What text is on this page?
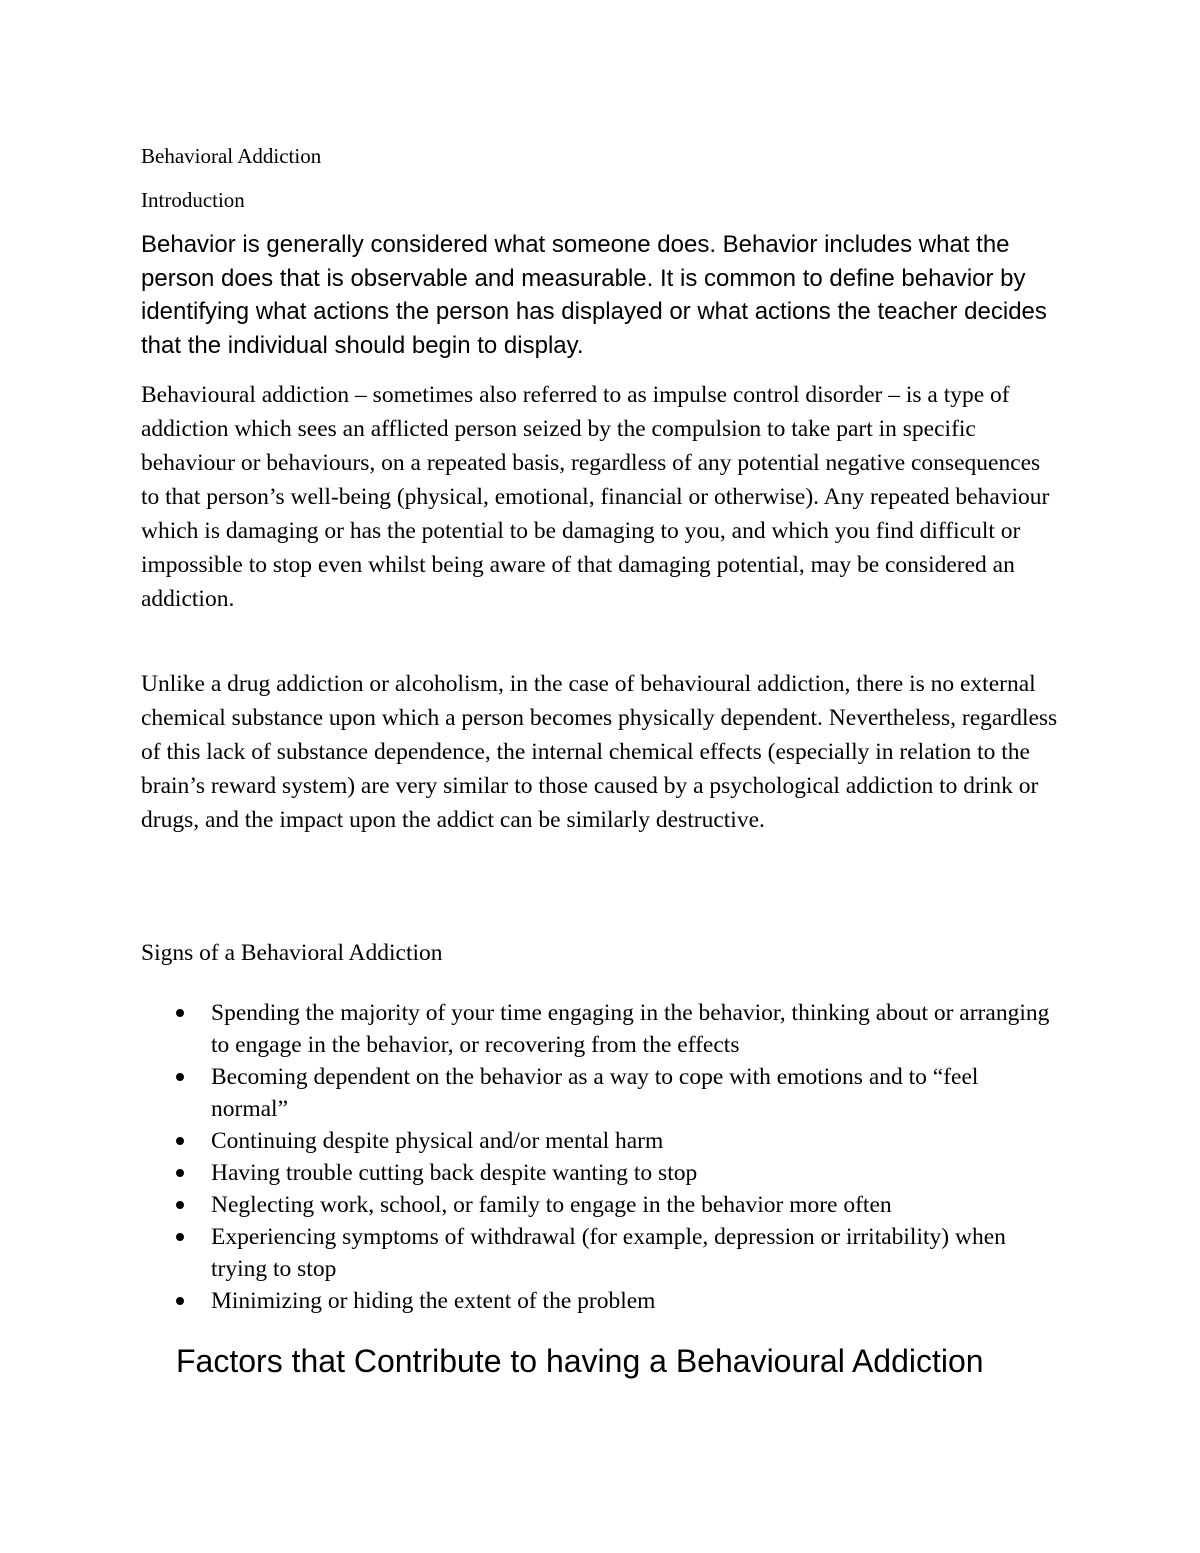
Behavioral Addiction
Introduction

Behavior is generally considered what someone does. Behavior includes what the person does that is observable and measurable. It is common to define behavior by identifying what actions the person has displayed or what actions the teacher decides that the individual should begin to display.

Behavioural addiction – sometimes also referred to as impulse control disorder – is a type of addiction which sees an afflicted person seized by the compulsion to take part in specific behaviour or behaviours, on a repeated basis, regardless of any potential negative consequences to that person’s well-being (physical, emotional, financial or otherwise). Any repeated behaviour which is damaging or has the potential to be damaging to you, and which you find difficult or impossible to stop even whilst being aware of that damaging potential, may be considered an addiction.

Unlike a drug addiction or alcoholism, in the case of behavioural addiction, there is no external chemical substance upon which a person becomes physically dependent. Nevertheless, regardless of this lack of substance dependence, the internal chemical effects (especially in relation to the brain’s reward system) are very similar to those caused by a psychological addiction to drink or drugs, and the impact upon the addict can be similarly destructive.

Signs of a Behavioral Addiction
Spending the majority of your time engaging in the behavior, thinking about or arranging to engage in the behavior, or recovering from the effects
Becoming dependent on the behavior as a way to cope with emotions and to “feel normal”
Continuing despite physical and/or mental harm
Having trouble cutting back despite wanting to stop
Neglecting work, school, or family to engage in the behavior more often
Experiencing symptoms of withdrawal (for example, depression or irritability) when trying to stop
Minimizing or hiding the extent of the problem
Factors that Contribute to having a Behavioural Addiction
